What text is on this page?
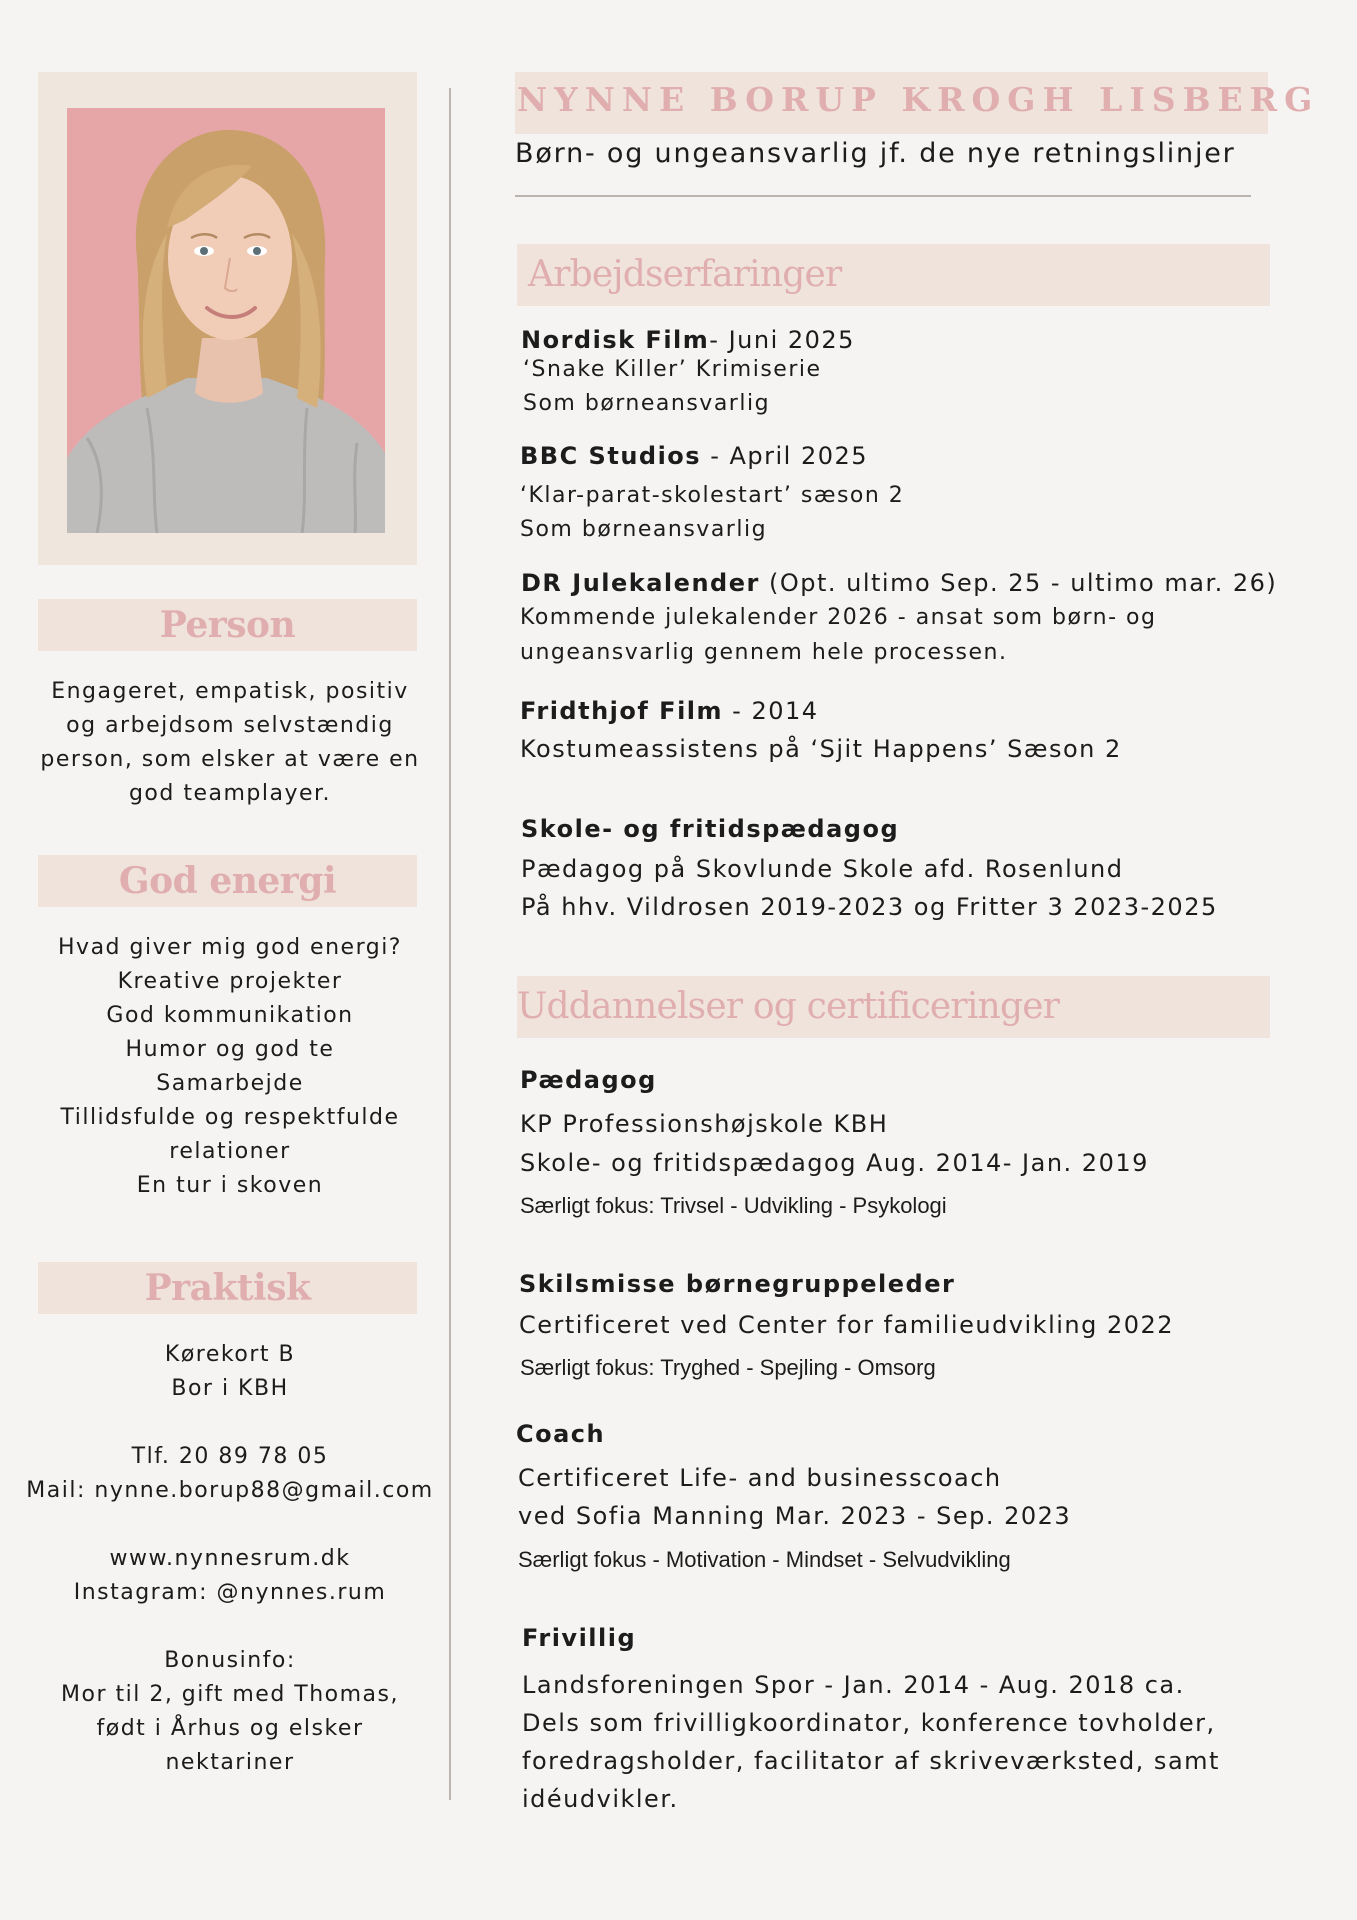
Person
Engageret, empatisk, positiv
og arbejdsom selvstændig
person, som elsker at være en
god teamplayer.
God energi
Hvad giver mig god energi?
Kreative projekter
God kommunikation
Humor og god te
Samarbejde
Tillidsfulde og respektfulde
relationer
En tur i skoven
Praktisk
Kørekort B
Bor i KBH

Tlf. 20 89 78 05
Mail: nynne.borup88@gmail.com

www.nynnesrum.dk
Instagram: @nynnes.rum

Bonusinfo:
Mor til 2, gift med Thomas,
født i Århus og elsker
nektariner
NYNNE BORUP KROGH LISBERG
Børn- og ungeansvarlig jf. de nye retningslinjer
Arbejdserfaringer
Nordisk Film- Juni 2025
‘Snake Killer’ Krimiserie
Som børneansvarlig
BBC Studios - April 2025
‘Klar-parat-skolestart’ sæson 2
Som børneansvarlig
DR Julekalender (Opt. ultimo Sep. 25 - ultimo mar. 26)
Kommende julekalender 2026 - ansat som børn- og
ungeansvarlig gennem hele processen.
Fridthjof Film - 2014
Kostumeassistens på ‘Sjit Happens’ Sæson 2
Skole- og fritidspædagog
Pædagog på Skovlunde Skole afd. Rosenlund
På hhv. Vildrosen 2019-2023 og Fritter 3 2023-2025
Uddannelser og certificeringer
Pædagog
KP Professionshøjskole KBH
Skole- og fritidspædagog Aug. 2014- Jan. 2019
Særligt fokus: Trivsel - Udvikling - Psykologi
Skilsmisse børnegruppeleder
Certificeret ved Center for familieudvikling 2022
Særligt fokus: Tryghed - Spejling - Omsorg
Coach
Certificeret Life- and businesscoach
ved Sofia Manning Mar. 2023 - Sep. 2023
Særligt fokus - Motivation - Mindset - Selvudvikling
Frivillig
Landsforeningen Spor - Jan. 2014 - Aug. 2018 ca.
Dels som frivilligkoordinator, konference tovholder,
foredragsholder, facilitator af skriveværksted, samt
idéudvikler.
